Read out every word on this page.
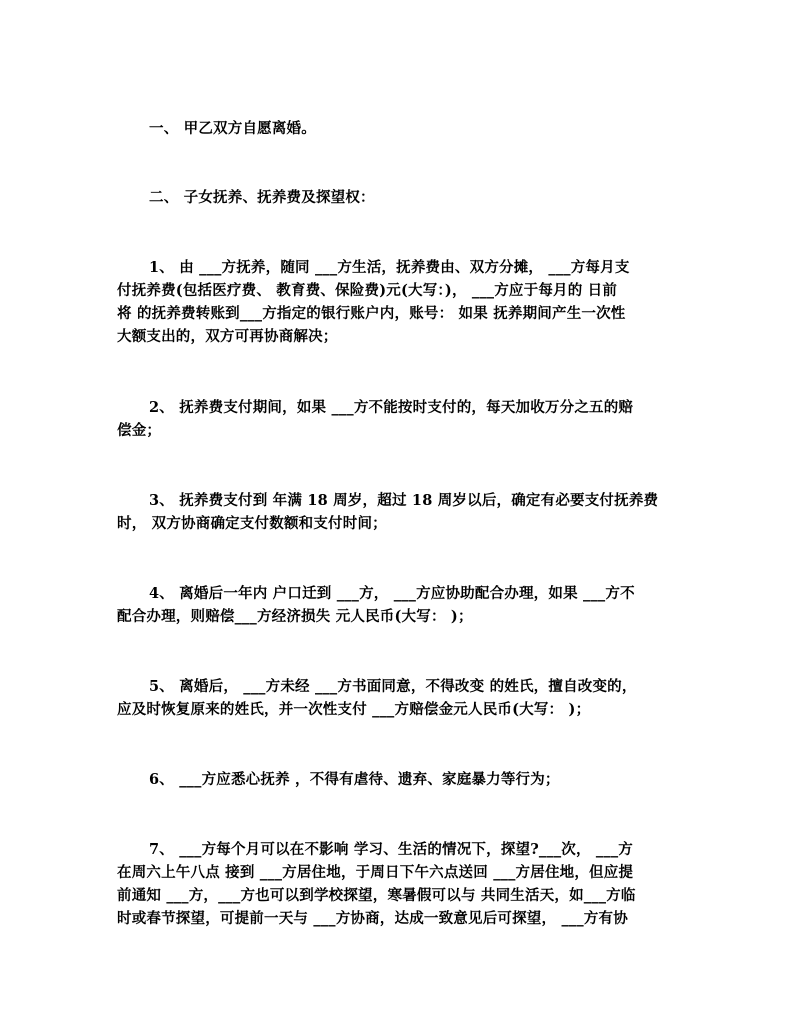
一、 甲乙双方自愿离婚。
二、 子女抚养、抚养费及探望权：
1、 由 ___方抚养，随同 ___方生活，抚养费由、双方分摊， ___方每月支
付抚养费(包括医疗费、 教育费、保险费)元(大写：)， ___方应于每月的 日前
将 的抚养费转账到___方指定的银行账户内，账号： 如果 抚养期间产生一次性
大额支出的，双方可再协商解决；
2、 抚养费支付期间，如果 ___方不能按时支付的，每天加收万分之五的赔
偿金；
3、 抚养费支付到 年满 18 周岁，超过 18 周岁以后，确定有必要支付抚养费
时， 双方协商确定支付数额和支付时间；
4、 离婚后一年内 户口迁到 ___方， ___方应协助配合办理，如果 ___方不
配合办理，则赔偿___方经济损失 元人民币(大写： )；
5、 离婚后， ___方未经 ___方书面同意，不得改变 的姓氏，擅自改变的，
应及时恢复原来的姓氏，并一次性支付 ___方赔偿金元人民币(大写： )；
6、 ___方应悉心抚养 ，不得有虐待、遗弃、家庭暴力等行为；
7、 ___方每个月可以在不影响 学习、生活的情况下，探望?___次， ___方
在周六上午八点 接到 ___方居住地，于周日下午六点送回 ___方居住地，但应提
前通知 ___方，___方也可以到学校探望，寒暑假可以与 共同生活天，如___方临
时或春节探望，可提前一天与 ___方协商，达成一致意见后可探望， ___方有协
